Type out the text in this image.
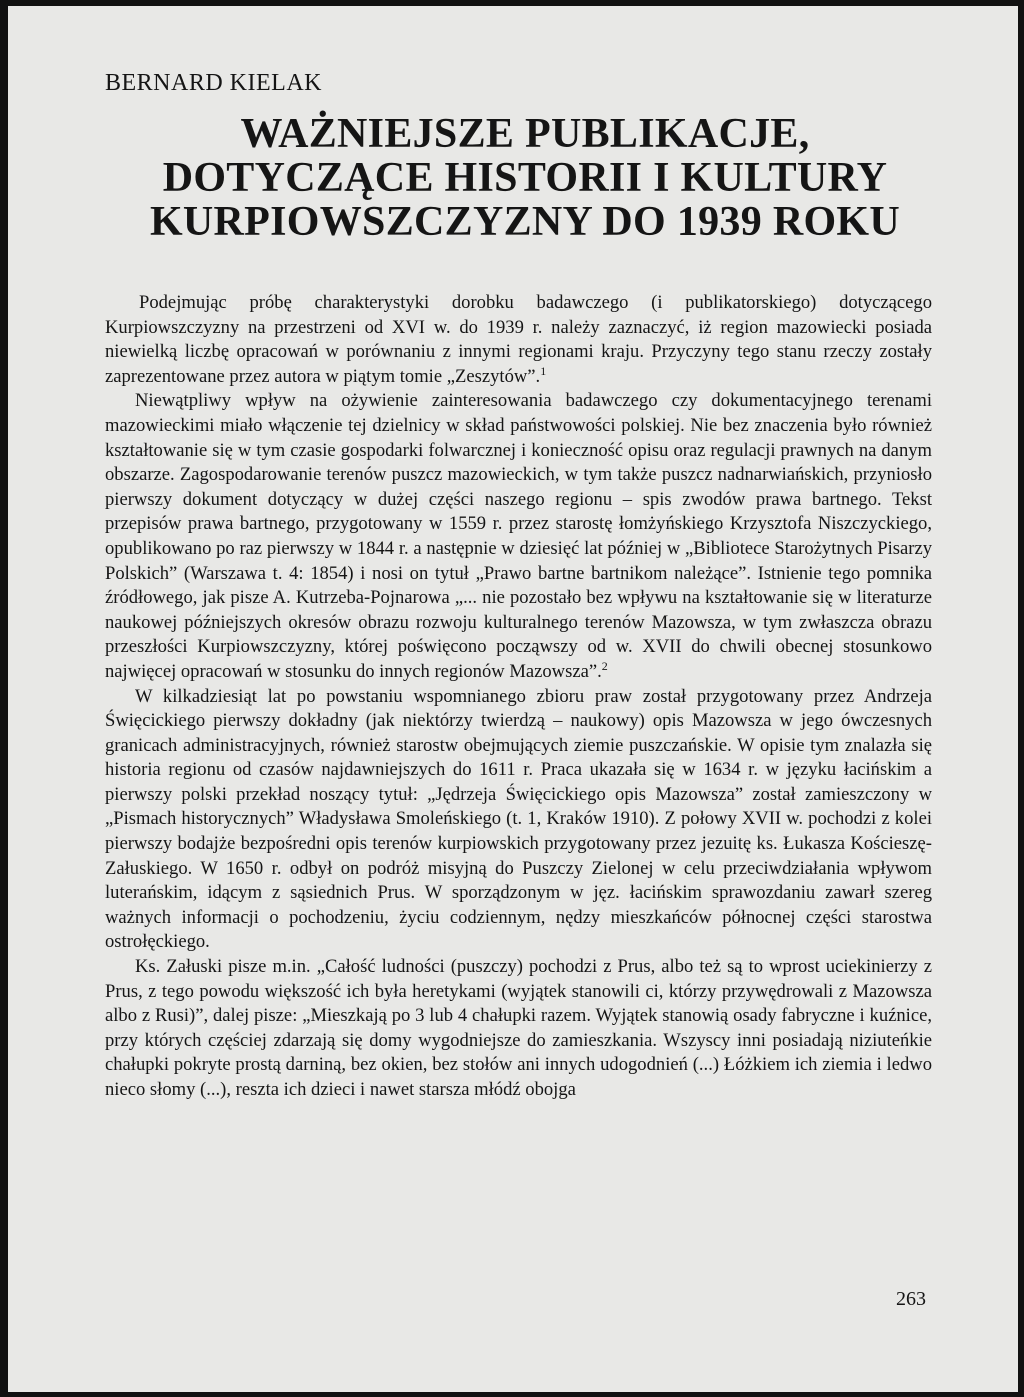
BERNARD KIELAK
WAŻNIEJSZE PUBLIKACJE,
DOTYCZĄCE HISTORII I KULTURY
KURPIOWSZCZYZNY DO 1939 ROKU

Podejmując próbę charakterystyki dorobku badawczego (i publikatorskiego) dotyczącego Kurpiowszczyzny na przestrzeni od XVI w. do 1939 r. należy zaznaczyć, iż region mazowiecki posiada niewielką liczbę opracowań w porównaniu z innymi regionami kraju. Przyczyny tego stanu rzeczy zostały zaprezentowane przez autora w piątym tomie „Zeszytów”.$^1$

Niewątpliwy wpływ na ożywienie zainteresowania badawczego czy dokumentacyjnego terenami mazowieckimi miało włączenie tej dzielnicy w skład państwowości polskiej. Nie bez znaczenia było również kształtowanie się w tym czasie gospodarki folwarcznej i konieczność opisu oraz regulacji prawnych na danym obszarze. Zagospodarowanie terenów puszcz mazowieckich, w tym także puszcz nadnarwiańskich, przyniosło pierwszy dokument dotyczący w dużej części naszego regionu – spis zwodów prawa bartnego. Tekst przepisów prawa bartnego, przygotowany w 1559 r. przez starostę łomżyńskiego Krzysztofa Niszczyckiego, opublikowano po raz pierwszy w 1844 r. a następnie w dziesięć lat później w „Bibliotece Starożytnych Pisarzy Polskich” (Warszawa t. 4: 1854) i nosi on tytuł „Prawo bartne bartnikom należące”. Istnienie tego pomnika źródłowego, jak pisze A. Kutrzeba-Pojnarowa „... nie pozostało bez wpływu na kształtowanie się w literaturze naukowej późniejszych okresów obrazu rozwoju kulturalnego terenów Mazowsza, w tym zwłaszcza obrazu przeszłości Kurpiowszczyzny, której poświęcono począwszy od w. XVII do chwili obecnej stosunkowo najwięcej opracowań w stosunku do innych regionów Mazowsza”.$^2$

W kilkadziesiąt lat po powstaniu wspomnianego zbioru praw został przygotowany przez Andrzeja Święcickiego pierwszy dokładny (jak niektórzy twierdzą – naukowy) opis Mazowsza w jego ówczesnych granicach administracyjnych, również starostw obejmujących ziemie puszczańskie. W opisie tym znalazła się historia regionu od czasów najdawniejszych do 1611 r. Praca ukazała się w 1634 r. w języku łacińskim a pierwszy polski przekład noszący tytuł: „Jędrzeja Święcickiego opis Mazowsza” został zamieszczony w „Pismach historycznych” Władysława Smoleńskiego (t. 1, Kraków 1910). Z połowy XVII w. pochodzi z kolei pierwszy bodajże bezpośredni opis terenów kurpiowskich przygotowany przez jezuitę ks. Łukasza Kościeszę-Załuskiego. W 1650 r. odbył on podróż misyjną do Puszczy Zielonej w celu przeciwdziałania wpływom luterańskim, idącym z sąsiednich Prus. W sporządzonym w jęz. łacińskim sprawozdaniu zawarł szereg ważnych informacji o pochodzeniu, życiu codziennym, nędzy mieszkańców północnej części starostwa ostrołęckiego.

Ks. Załuski pisze m.in. „Całość ludności (puszczy) pochodzi z Prus, albo też są to wprost uciekinierzy z Prus, z tego powodu większość ich była heretykami (wyjątek stanowili ci, którzy przywędrowali z Mazowsza albo z Rusi)”, dalej pisze: „Mieszkają po 3 lub 4 chałupki razem. Wyjątek stanowią osady fabryczne i kuźnice, przy których częściej zdarzają się domy wygodniejsze do zamieszkania. Wszyscy inni posiadają niziuteńkie chałupki pokryte prostą darniną, bez okien, bez stołów ani innych udogodnień (...) Łóżkiem ich ziemia i ledwo nieco słomy (...), reszta ich dzieci i nawet starsza młódź obojga

263
